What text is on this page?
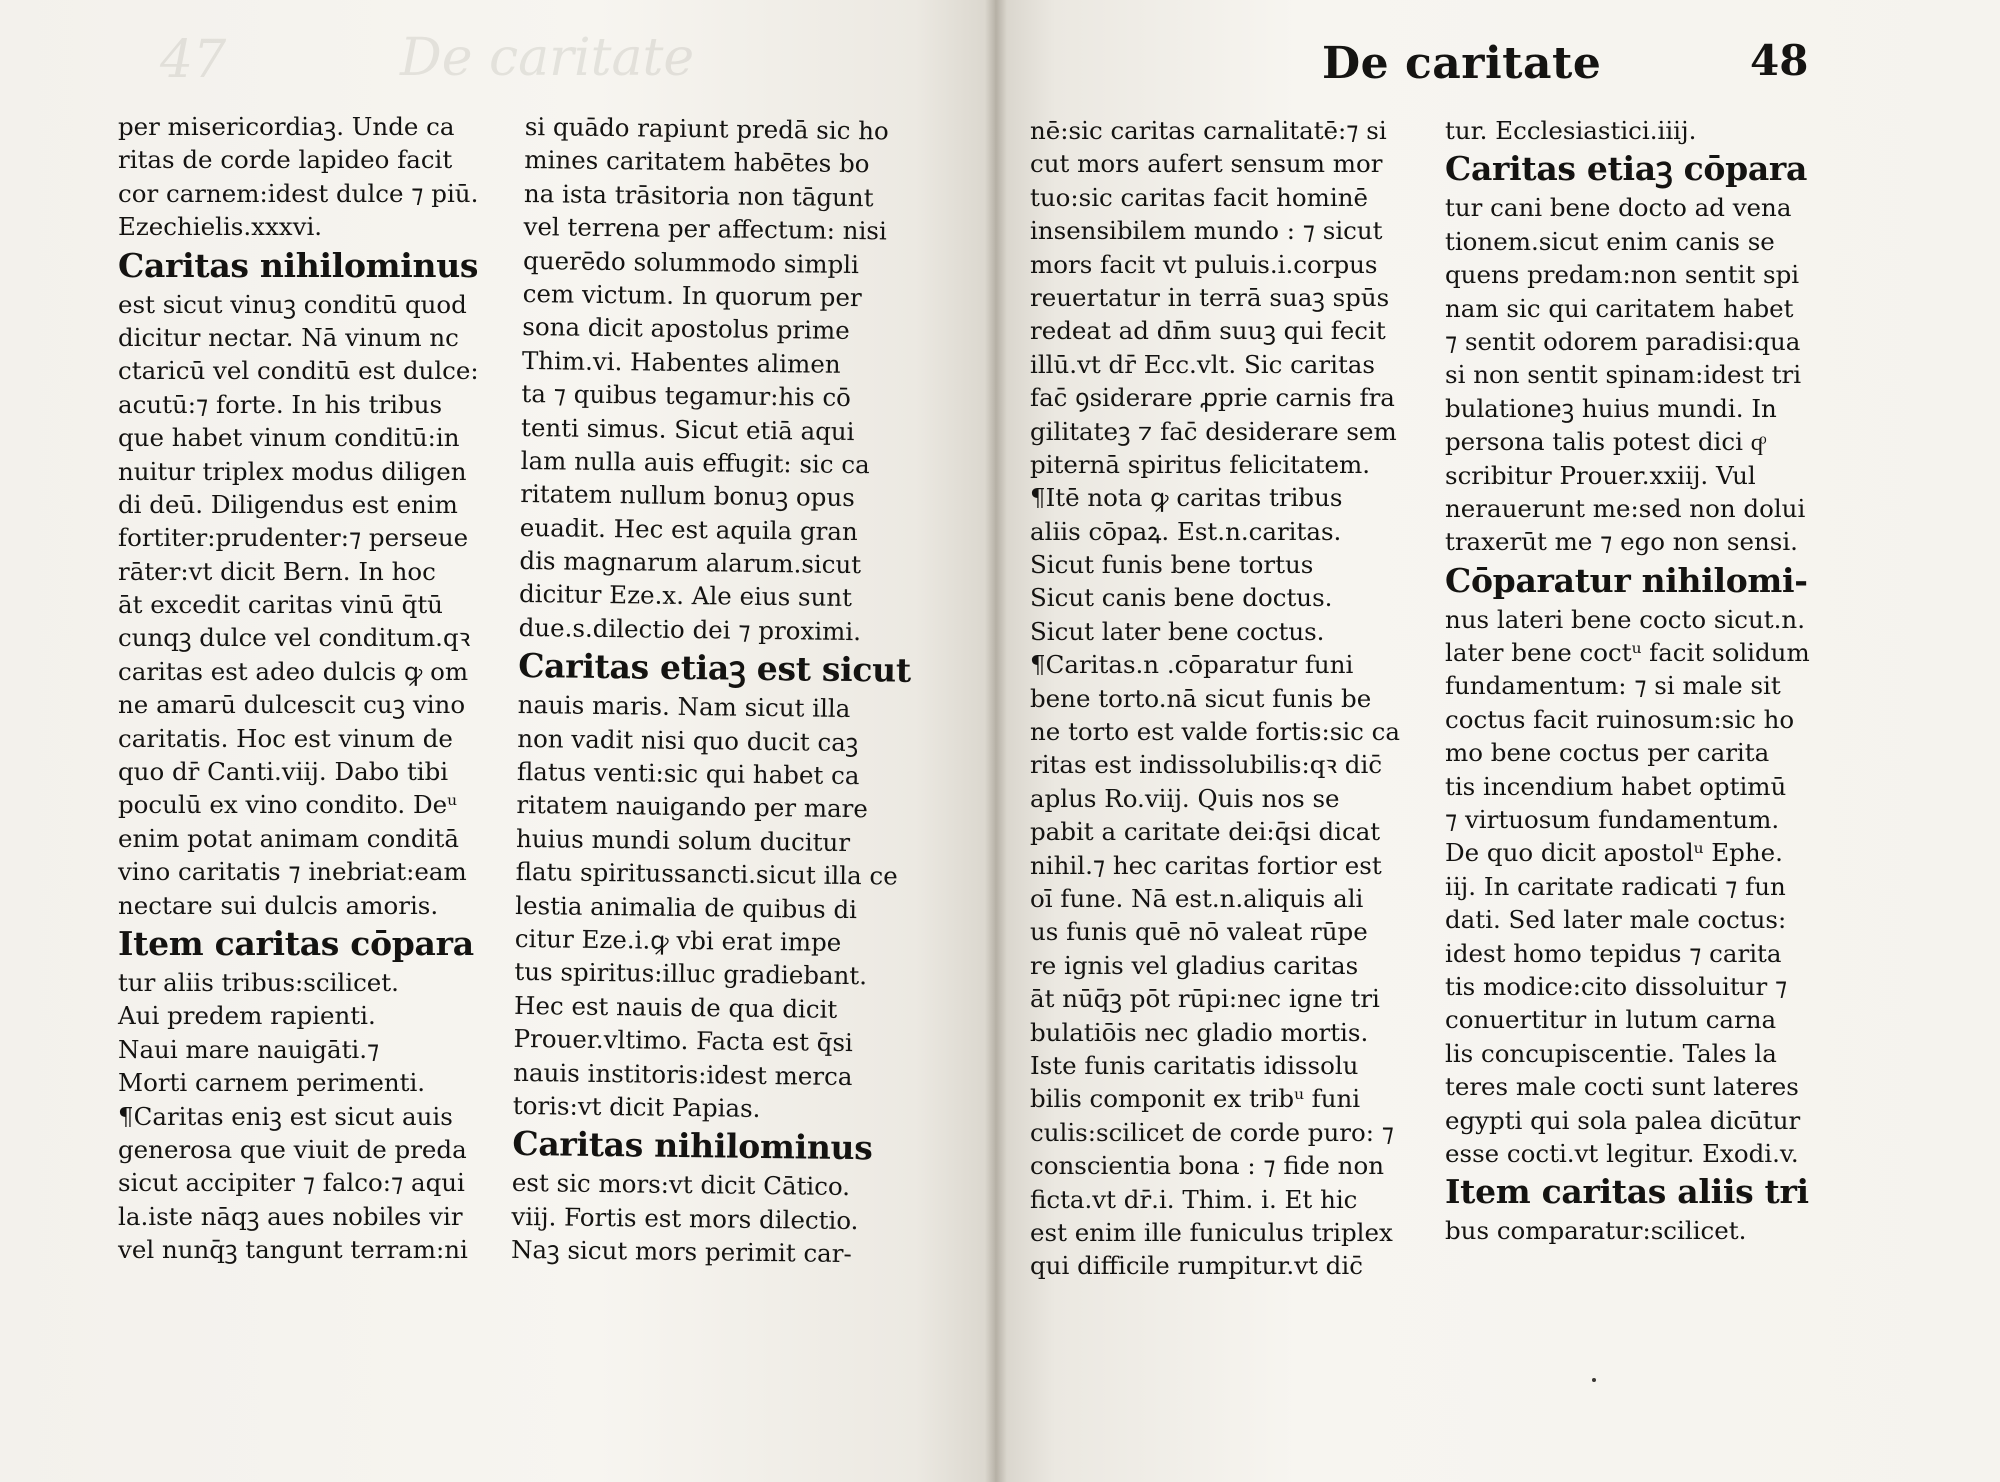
47	De caritate	De caritate	48
per misericordiaꝫ. Unde ca
ritas de corde lapideo facit
cor carnem:idest dulce ⁊ piū.
Ezechielis.xxxvi.
Caritas nihilominus
est sicut vinuꝫ conditū quod
dicitur nectar. Nā vinum nc
ctaricū vel conditū est dulce:
acutū:⁊ forte. In his tribus
que habet vinum conditū:in
nuitur triplex modus diligen
di deū. Diligendus est enim
fortiter:prudenter:⁊ perseue
rāter:vt dicit Bern. In hoc
āt excedit caritas vinū q̄tū
cunqꝫ dulce vel conditum.qꝛ
caritas est adeo dulcis ꝙ om
ne amarū dulcescit cuꝫ vino
caritatis. Hoc est vinum de
quo dr̄ Canti.viij. Dabo tibi
poculū ex vino condito. Deᵘ
enim potat animam conditā
vino caritatis ⁊ inebriat:eam
nectare sui dulcis amoris.
Item caritas cōpara
tur aliis tribus:scilicet.
Aui predem rapienti.
Naui mare nauigāti.⁊
Morti carnem perimenti.
¶Caritas eniꝫ est sicut auis
generosa que viuit de preda
sicut accipiter ⁊ falco:⁊ aqui
la.iste nāqꝫ aues nobiles vir
vel nunq̄ꝫ tangunt terram:ni
si quādo rapiunt predā sic ho
mines caritatem habētes bo
na ista trāsitoria non tāgunt
vel terrena per affectum: nisi
querēdo solummodo simpli
cem victum. In quorum per
sona dicit apostolus prime
Thim.vi. Habentes alimen
ta ⁊ quibus tegamur:his cō
tenti simus. Sicut etiā aqui
lam nulla auis effugit: sic ca
ritatem nullum bonuꝫ opus
euadit. Hec est aquila gran
dis magnarum alarum.sicut
dicitur Eze.x. Ale eius sunt
due.s.dilectio dei ⁊ proximi.
Caritas etiaꝫ est sicut
nauis maris. Nam sicut illa
non vadit nisi quo ducit caꝫ
flatus venti:sic qui habet ca
ritatem nauigando per mare
huius mundi solum ducitur
flatu spiritussancti.sicut illa ce
lestia animalia de quibus di
citur Eze.i.ꝙ vbi erat impe
tus spiritus:illuc gradiebant.
Hec est nauis de qua dicit
Prouer.vltimo. Facta est q̄si
nauis institoris:idest merca
toris:vt dicit Papias.
Caritas nihilominus
est sic mors:vt dicit Cātico.
viij. Fortis est mors dilectio.
Naꝫ sicut mors perimit car-
nē:sic caritas carnalitatē:⁊ si
cut mors aufert sensum mor
tuo:sic caritas facit hominē
insensibilem mundo : ⁊ sicut
mors facit vt puluis.i.corpus
reuertatur in terrā suaꝫ spūs
redeat ad dn̄m suuꝫ qui fecit
illū.vt dr̄ Ecc.vlt. Sic caritas
fac̄ ꝯsiderare ꝓprie carnis fra
gilitateꝫ ⁊ fac̄ desiderare sem
piternā spiritus felicitatem.
¶Itē nota ꝙ caritas tribus
aliis cōpaꝝ. Est.n.caritas.
Sicut funis bene tortus
Sicut canis bene doctus.
Sicut later bene coctus.
¶Caritas.n .cōparatur funi
bene torto.nā sicut funis be
ne torto est valde fortis:sic ca
ritas est indissolubilis:qꝛ dic̄
aplus Ro.viij. Quis nos se
pabit a caritate dei:q̄si dicat
nihil.⁊ hec caritas fortior est
oī fune. Nā est.n.aliquis ali
us funis quē nō valeat rūpe
re ignis vel gladius caritas
āt nūq̄ꝫ pōt rūpi:nec igne tri
bulatiōis nec gladio mortis.
Iste funis caritatis idissolu
bilis componit ex tribᵘ funi
culis:scilicet de corde puro: ⁊
conscientia bona : ⁊ fide non
ficta.vt dr̄.i. Thim. i. Et hic
est enim ille funiculus triplex
qui difficile rumpitur.vt dic̄
tur. Ecclesiastici.iiij.
Caritas etiaꝫ cōpara
tur cani bene docto ad vena
tionem.sicut enim canis se
quens predam:non sentit spi
nam sic qui caritatem habet
⁊ sentit odorem paradisi:qua
si non sentit spinam:idest tri
bulationeꝫ huius mundi. In
persona talis potest dici qͦ
scribitur Prouer.xxiij. Vul
nerauerunt me:sed non dolui
traxerūt me ⁊ ego non sensi.
Cōparatur nihilomi-
nus lateri bene cocto sicut.n.
later bene coctᵘ facit solidum
fundamentum: ⁊ si male sit
coctus facit ruinosum:sic ho
mo bene coctus per carita
tis incendium habet optimū
⁊ virtuosum fundamentum.
De quo dicit apostolᵘ Ephe.
iij. In caritate radicati ⁊ fun
dati. Sed later male coctus:
idest homo tepidus ⁊ carita
tis modice:cito dissoluitur ⁊
conuertitur in lutum carna
lis concupiscentie. Tales la
teres male cocti sunt lateres
egypti qui sola palea dicūtur
esse cocti.vt legitur. Exodi.v.
Item caritas aliis tri
bus comparatur:scilicet.
